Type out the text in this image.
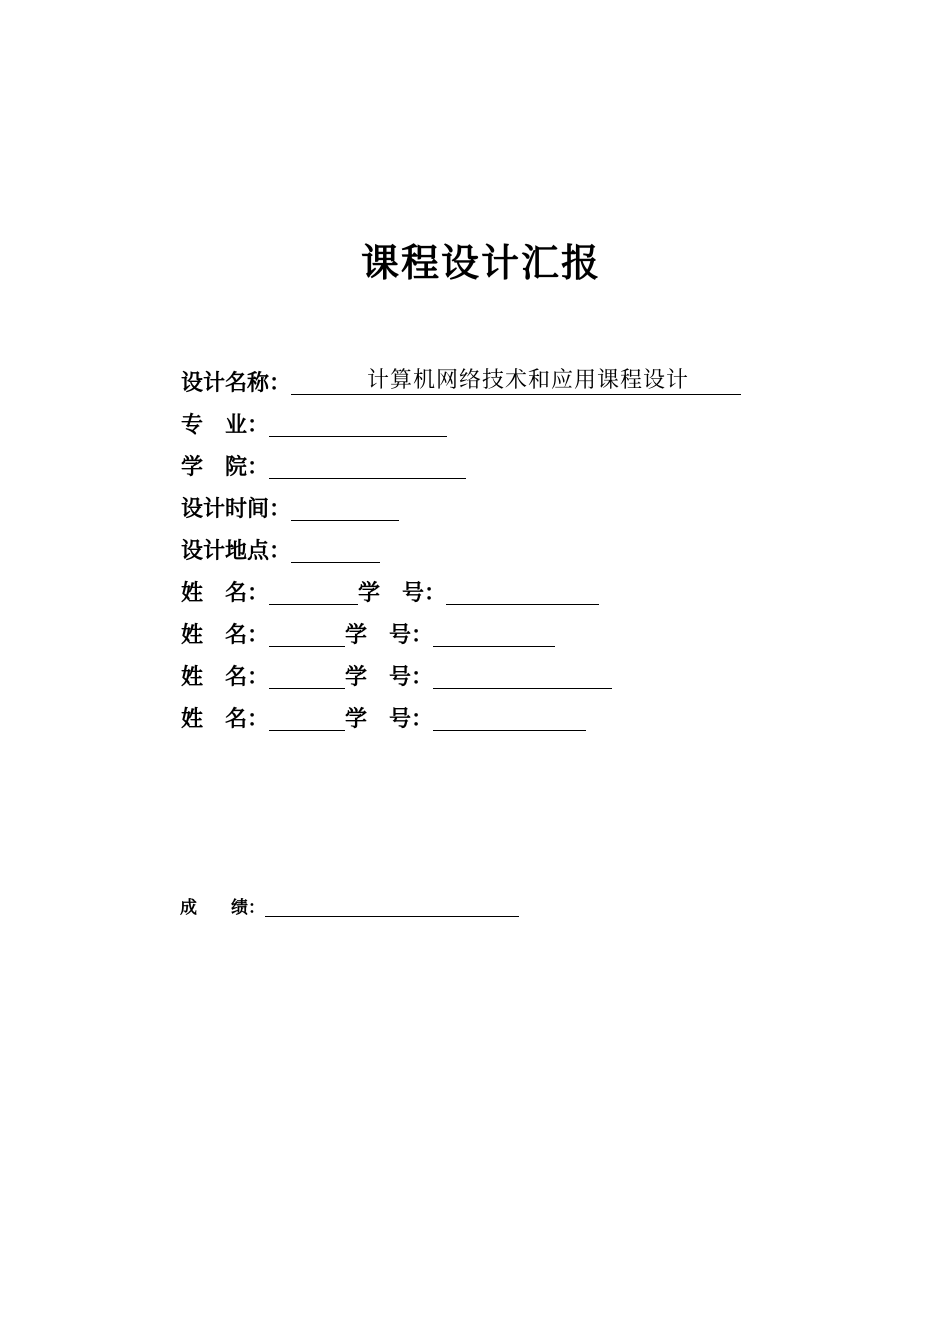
课程设计汇报
设计名称：	计算机网络技术和应用课程设计
专　业：
学　院：
设计时间：
设计地点：
姓　名：	学　号：
姓　名：	学　号：
姓　名：	学　号：
姓　名：	学　号：
成　　绩：
